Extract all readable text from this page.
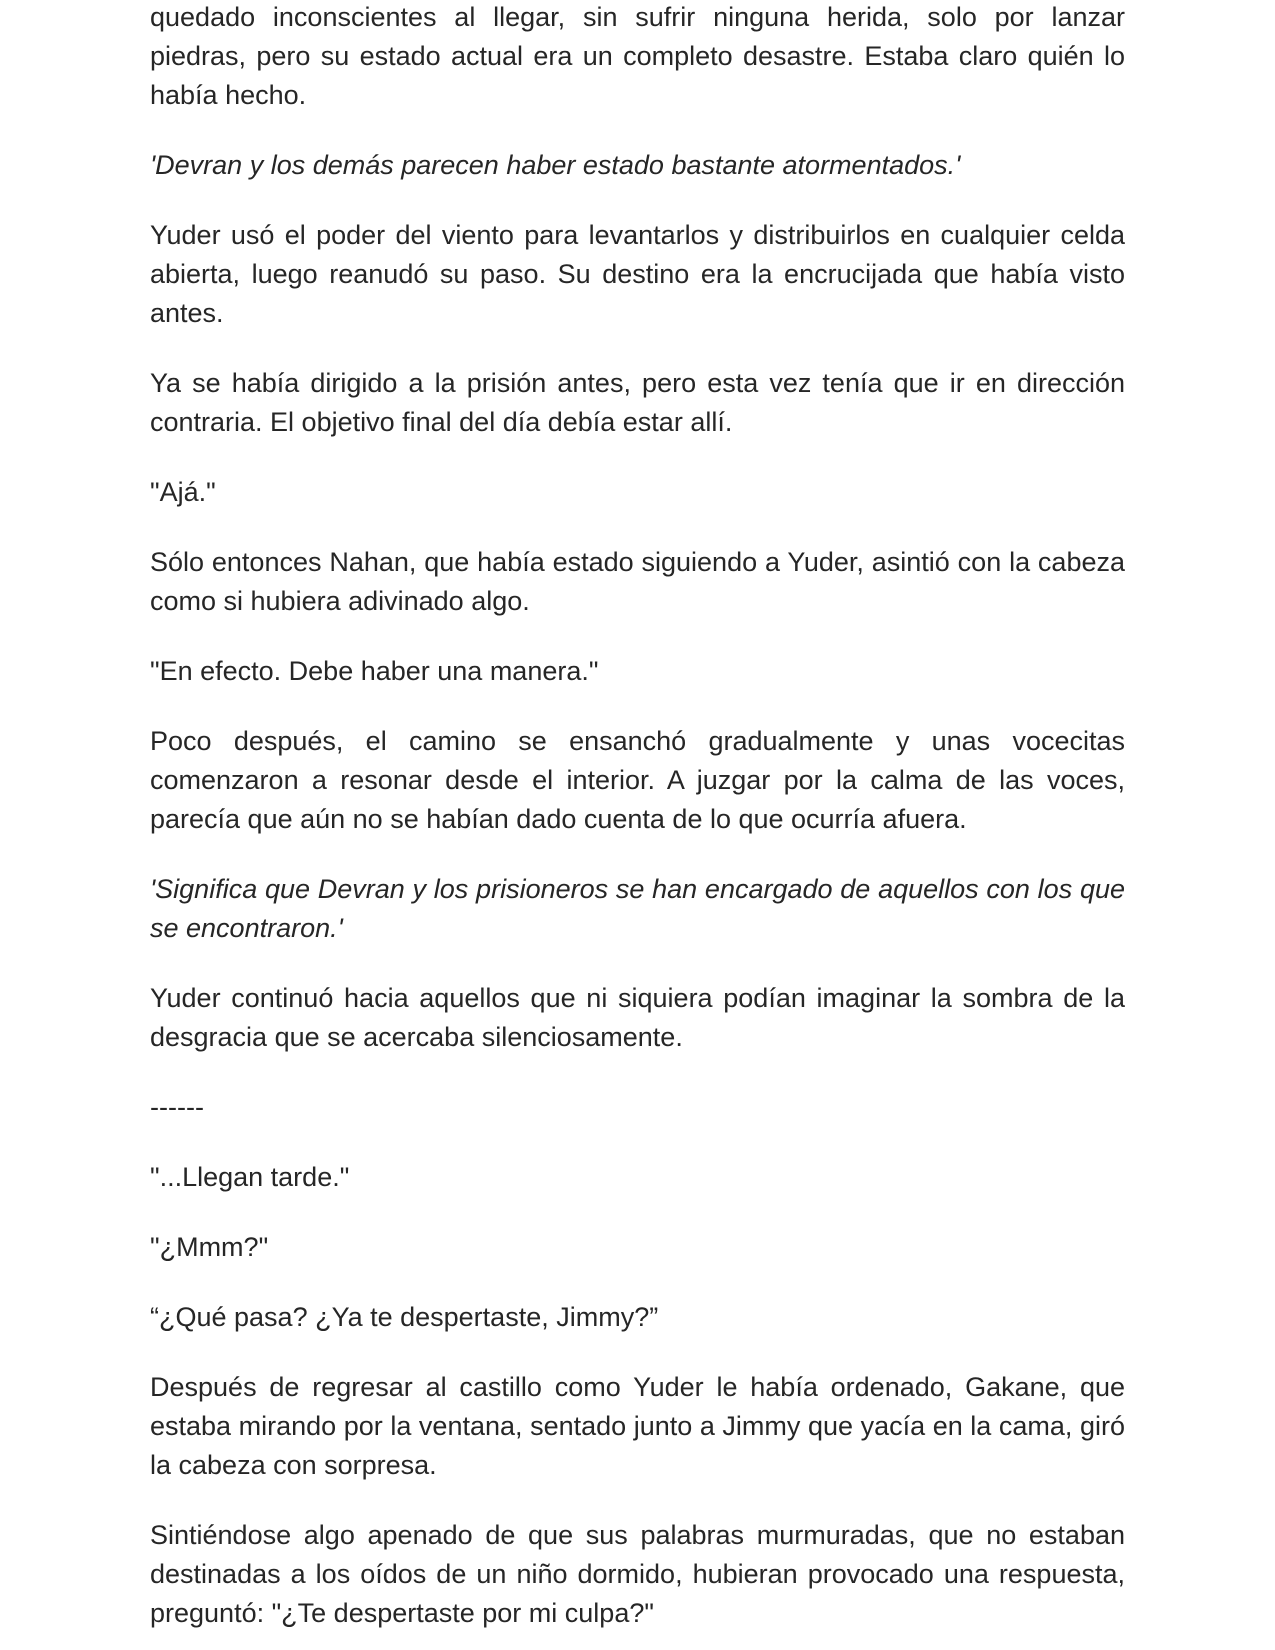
quedado inconscientes al llegar, sin sufrir ninguna herida, solo por lanzar piedras, pero su estado actual era un completo desastre. Estaba claro quién lo había hecho.

'Devran y los demás parecen haber estado bastante atormentados.'

Yuder usó el poder del viento para levantarlos y distribuirlos en cualquier celda abierta, luego reanudó su paso. Su destino era la encrucijada que había visto antes.

Ya se había dirigido a la prisión antes, pero esta vez tenía que ir en dirección contraria. El objetivo final del día debía estar allí.

"Ajá."

Sólo entonces Nahan, que había estado siguiendo a Yuder, asintió con la cabeza como si hubiera adivinado algo.

"En efecto. Debe haber una manera."

Poco después, el camino se ensanchó gradualmente y unas vocecitas comenzaron a resonar desde el interior. A juzgar por la calma de las voces, parecía que aún no se habían dado cuenta de lo que ocurría afuera.

'Significa que Devran y los prisioneros se han encargado de aquellos con los que se encontraron.'

Yuder continuó hacia aquellos que ni siquiera podían imaginar la sombra de la desgracia que se acercaba silenciosamente.

------

"...Llegan tarde."

"¿Mmm?"

“¿Qué pasa? ¿Ya te despertaste, Jimmy?”

Después de regresar al castillo como Yuder le había ordenado, Gakane, que estaba mirando por la ventana, sentado junto a Jimmy que yacía en la cama, giró la cabeza con sorpresa.

Sintiéndose algo apenado de que sus palabras murmuradas, que no estaban destinadas a los oídos de un niño dormido, hubieran provocado una respuesta, preguntó: "¿Te despertaste por mi culpa?"
